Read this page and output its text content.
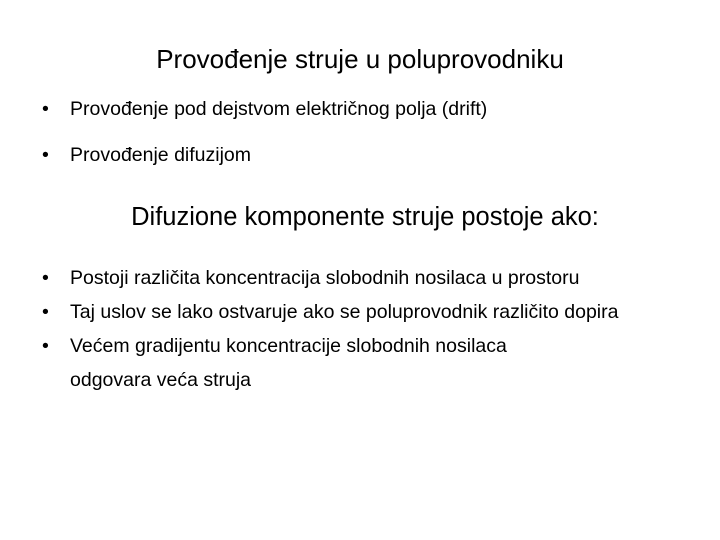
Provođenje struje u poluprovodniku
•	Provođenje pod dejstvom električnog polja (drift)
•	Provođenje difuzijom
Difuzione komponente struje postoje ako:
•	Postoji različita koncentracija slobodnih nosilaca u prostoru
•	Taj uslov se lako ostvaruje ako se poluprovodnik različito dopira
•	Većem gradijentu koncentracije slobodnih nosilaca
odgovara veća struja
